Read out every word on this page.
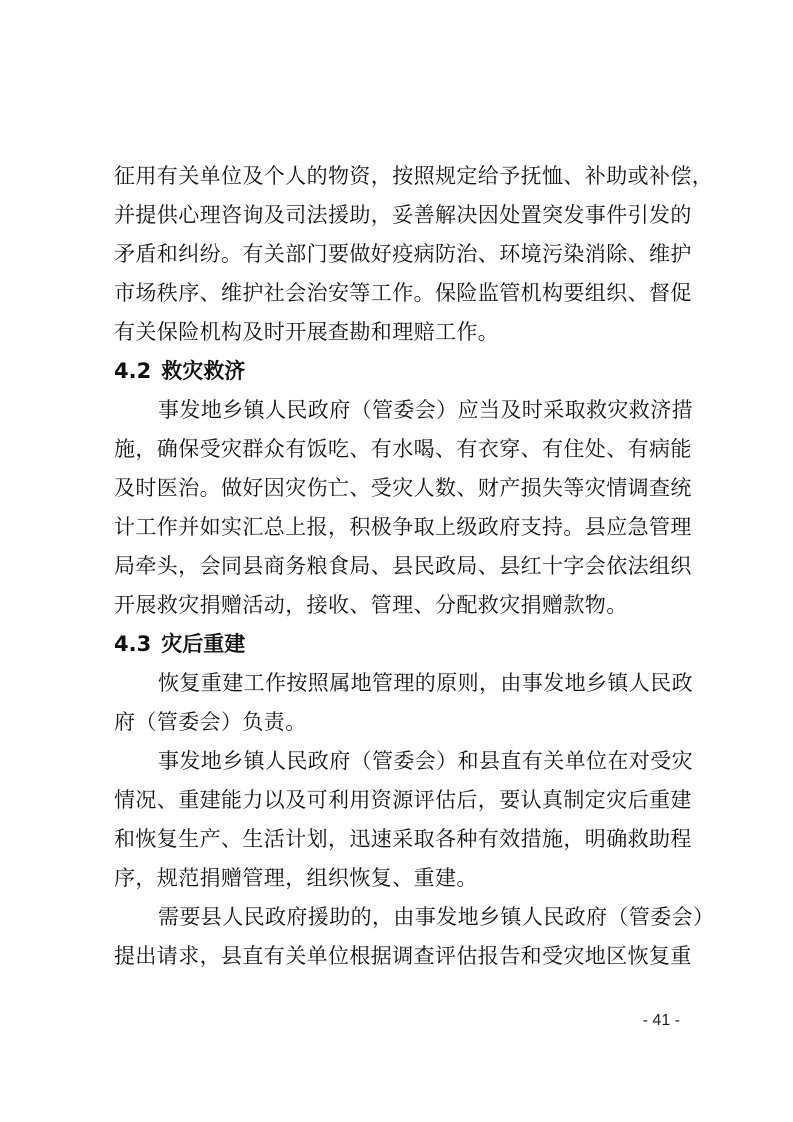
征用有关单位及个人的物资，按照规定给予抚恤、补助或补偿，
并提供心理咨询及司法援助，妥善解决因处置突发事件引发的
矛盾和纠纷。有关部门要做好疫病防治、环境污染消除、维护
市场秩序、维护社会治安等工作。保险监管机构要组织、督促
有关保险机构及时开展查勘和理赔工作。
4.2 救灾救济
事发地乡镇人民政府（管委会）应当及时采取救灾救济措
施，确保受灾群众有饭吃、有水喝、有衣穿、有住处、有病能
及时医治。做好因灾伤亡、受灾人数、财产损失等灾情调查统
计工作并如实汇总上报，积极争取上级政府支持。县应急管理
局牵头，会同县商务粮食局、县民政局、县红十字会依法组织
开展救灾捐赠活动，接收、管理、分配救灾捐赠款物。
4.3 灾后重建
恢复重建工作按照属地管理的原则，由事发地乡镇人民政
府（管委会）负责。
事发地乡镇人民政府（管委会）和县直有关单位在对受灾
情况、重建能力以及可利用资源评估后，要认真制定灾后重建
和恢复生产、生活计划，迅速采取各种有效措施，明确救助程
序，规范捐赠管理，组织恢复、重建。
需要县人民政府援助的，由事发地乡镇人民政府（管委会）
提出请求，县直有关单位根据调查评估报告和受灾地区恢复重
- 41 -
